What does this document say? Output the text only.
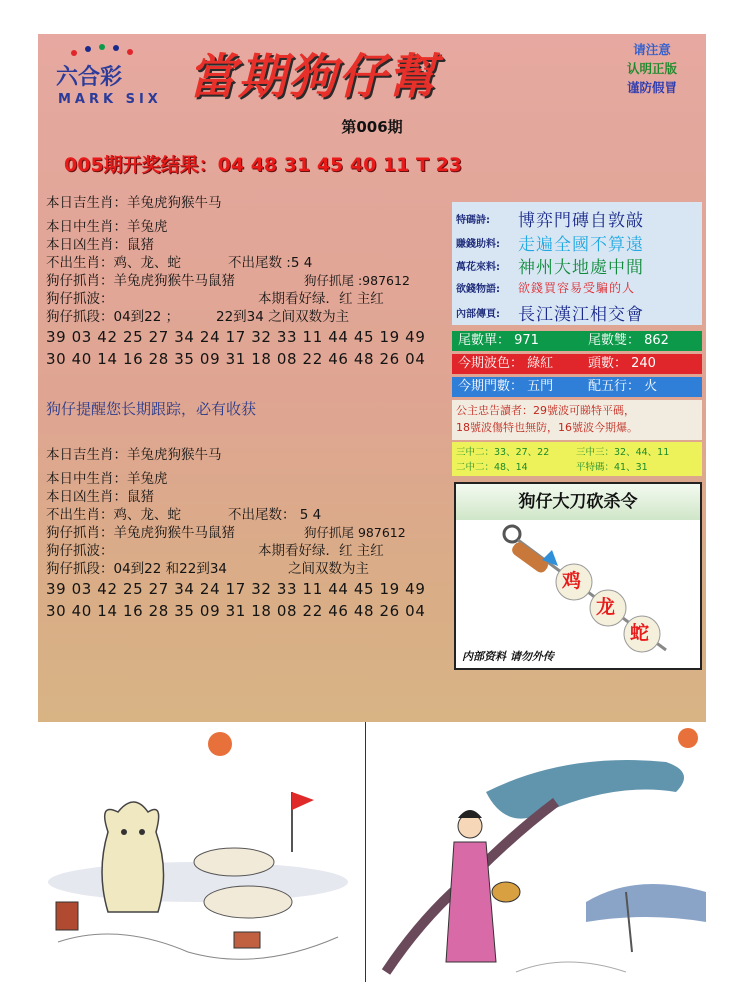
六合彩
MARK SIX 當期狗仔幫	请注意
认明正版
谨防假冒
第006期
005期开奖结果：04 48 31 45 40 11 T 23
本日吉生肖：羊兔虎狗猴牛马
本日中生肖：羊兔虎
本日凶生肖：鼠猪
不出生肖：鸡、龙、蛇	不出尾数 :5 4
狗仔抓肖：羊兔虎狗猴牛马鼠猪	狗仔抓尾 :987612
狗仔抓波：	本期看好绿．红 主红
狗仔抓段：04到22 ；	22到34 之间双数为主
39 03 42 25 27 34 24 17 32 33 11 44 45 19 49
30 40 14 16 28 35 09 31 18 08 22 46 48 26 04
狗仔提醒您长期跟踪，必有收获
本日吉生肖：羊兔虎狗猴牛马
本日中生肖：羊兔虎
本日凶生肖：鼠猪
不出生肖：鸡、龙、蛇	不出尾数： 5 4
狗仔抓肖：羊兔虎狗猴牛马鼠猪	狗仔抓尾 987612
狗仔抓波：	本期看好绿．红 主红
狗仔抓段：04到22 和22到34	之间双数为主
39 03 42 25 27 34 24 17 32 33 11 44 45 19 49
30 40 14 16 28 35 09 31 18 08 22 46 48 26 04
特碼詩: 博弈門磚自敦敲
賺錢助料: 走遍全國不算遠
萬花來料: 神州大地處中間
欲錢物語: 欲錢買容易受騙的人
內部傳頁: 長江漢江相交會
尾數單： 971	尾數雙： 862
今期波色： 綠紅	頭數： 240
今期門數： 五門	配五行： 火
公主忠告讀者：29號波可睇特平碼，
18號波傷特也無防，16號波今期爆。
三中二：33、27、22	三中三：32、44、11
二中二：48、14	平特碼：41、31
狗仔大刀砍杀令
鸡
龙
蛇
内部资料 请勿外传
